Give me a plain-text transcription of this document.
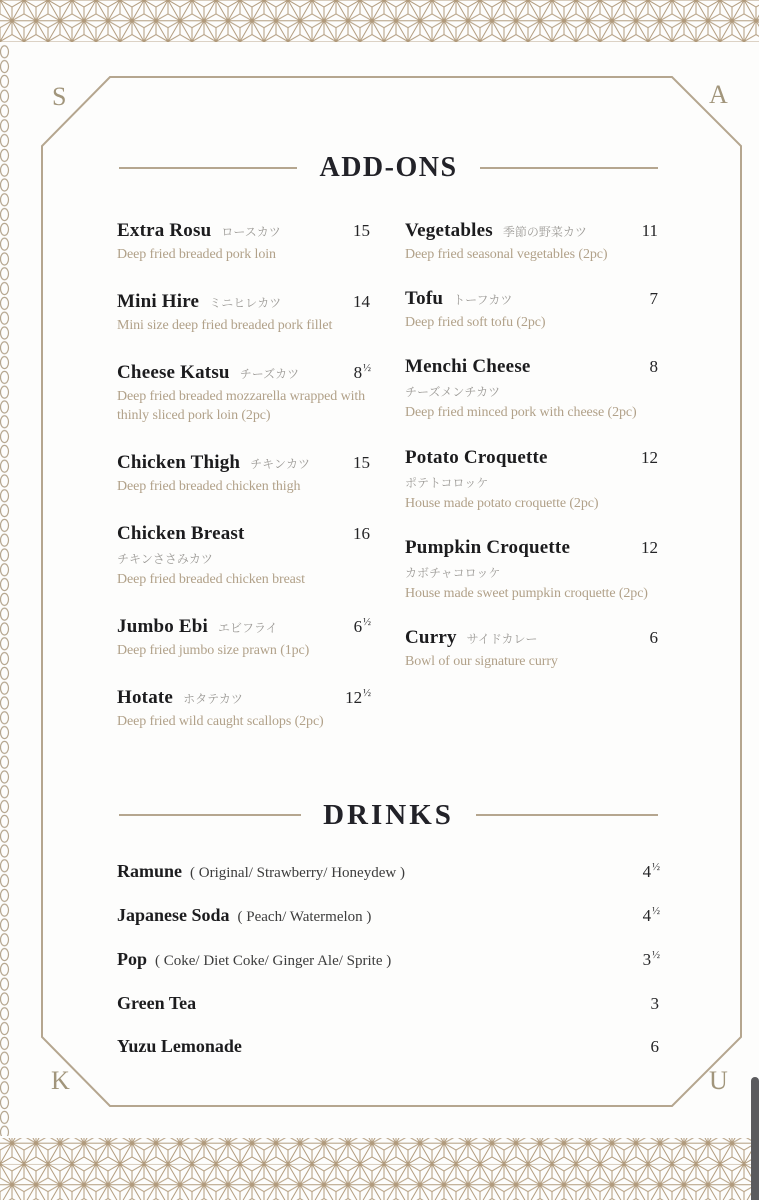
S	A
K	U
ADD-ONS
Extra Rosu ロースカツ	15
Deep fried breaded pork loin
Mini Hire ミニヒレカツ	14
Mini size deep fried breaded pork fillet
Cheese Katsu チーズカツ	$8^{\frac{1}{2}}$
Deep fried breaded mozzarella wrapped with thinly sliced pork loin (2pc)
Chicken Thigh チキンカツ	15
Deep fried breaded chicken thigh
Chicken Breast	16
チキンささみカツ
Deep fried breaded chicken breast
Jumbo Ebi エビフライ	$6^{\frac{1}{2}}$
Deep fried jumbo size prawn (1pc)
Hotate ホタテカツ	$12^{\frac{1}{2}}$
Deep fried wild caught scallops (2pc)
Vegetables 季節の野菜カツ	11
Deep fried seasonal vegetables (2pc)
Tofu トーフカツ	7
Deep fried soft tofu (2pc)
Menchi Cheese	8
チーズメンチカツ
Deep fried minced pork with cheese (2pc)
Potato Croquette	12
ポテトコロッケ
House made potato croquette (2pc)
Pumpkin Croquette	12
カボチャコロッケ
House made sweet pumpkin croquette (2pc)
Curry サイドカレー	6
Bowl of our signature curry
DRINKS
Ramune ( Original/ Strawberry/ Honeydew )	$4^{\frac{1}{2}}$
Japanese Soda ( Peach/ Watermelon )	$4^{\frac{1}{2}}$
Pop ( Coke/ Diet Coke/ Ginger Ale/ Sprite )	$3^{\frac{1}{2}}$
Green Tea	3
Yuzu Lemonade	6
